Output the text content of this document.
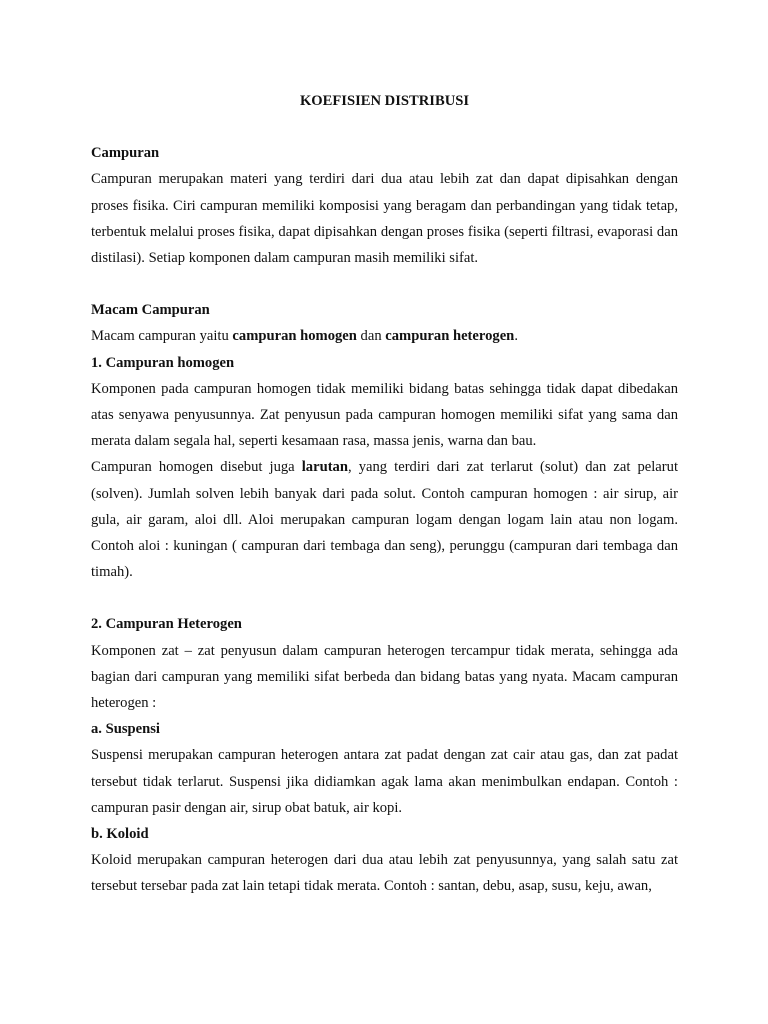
KOEFISIEN DISTRIBUSI

Campuran

Campuran merupakan materi yang terdiri dari dua atau lebih zat dan dapat dipisahkan dengan proses fisika. Ciri campuran memiliki komposisi yang beragam dan perbandingan yang tidak tetap, terbentuk melalui proses fisika, dapat dipisahkan dengan proses fisika (seperti filtrasi, evaporasi dan distilasi). Setiap komponen dalam campuran masih memiliki sifat.

Macam Campuran

Macam campuran yaitu campuran homogen dan campuran heterogen.

1. Campuran homogen

Komponen pada campuran homogen tidak memiliki bidang batas sehingga tidak dapat dibedakan atas senyawa penyusunnya. Zat penyusun pada campuran homogen memiliki sifat yang sama dan merata dalam segala hal, seperti kesamaan rasa, massa jenis, warna dan bau.

Campuran homogen disebut juga larutan, yang terdiri dari zat terlarut (solut) dan zat pelarut (solven). Jumlah solven lebih banyak dari pada solut. Contoh campuran homogen : air sirup, air gula, air garam, aloi dll. Aloi merupakan campuran logam dengan logam lain atau non logam. Contoh aloi : kuningan ( campuran dari tembaga dan seng), perunggu (campuran dari tembaga dan timah).

2. Campuran Heterogen

Komponen zat – zat penyusun dalam campuran heterogen tercampur tidak merata, sehingga ada bagian dari campuran yang memiliki sifat berbeda dan bidang batas yang nyata. Macam campuran heterogen :

a. Suspensi

Suspensi merupakan campuran heterogen antara zat padat dengan zat cair atau gas, dan zat padat tersebut tidak terlarut. Suspensi jika didiamkan agak lama akan menimbulkan endapan. Contoh : campuran pasir dengan air, sirup obat batuk, air kopi.

b. Koloid

Koloid merupakan campuran heterogen dari dua atau lebih zat penyusunnya, yang salah satu zat tersebut tersebar pada zat lain tetapi tidak merata. Contoh : santan, debu, asap, susu, keju, awan,
